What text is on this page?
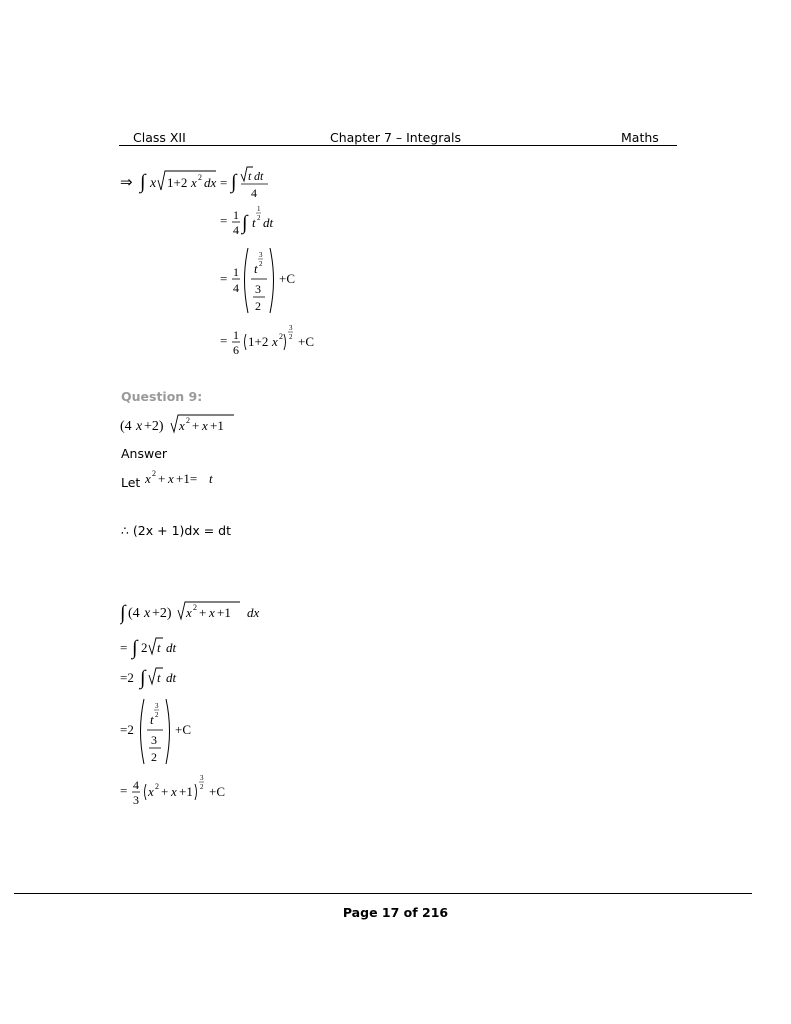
Class XII	Chapter 7 – Integrals	Maths
⇒ ∫ x 1+2 x 2 dx = ∫ t dt
4
= 1
4 ∫ t
1
2 dt
= 1
4
t
3
2
3
2
+C
= 1
6
1+2 x 2
3
2 +C
Question 9:
(4 x +2) x 2 + x +1
Answer
Let x 2 + x +1= t
∴ (2x + 1)dx = dt
∫ (4 x +2) x 2 + x +1 dx
= ∫ 2 t dt
=2 ∫ t dt
=2
t
3
2
3
2
+C
= 4
3
x 2 + x +1
3
2 +C
Page 17 of 216
